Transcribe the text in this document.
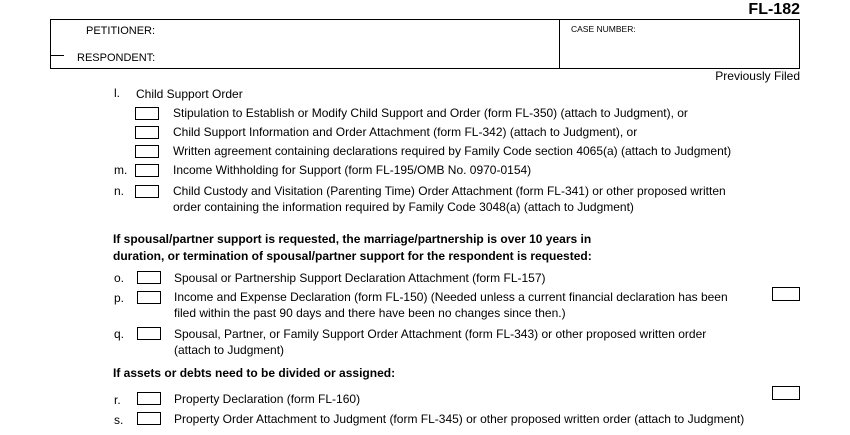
FL-182
PETITIONER:
RESPONDENT:
CASE NUMBER:
Previously Filed
l. Child Support Order
Stipulation to Establish or Modify Child Support and Order (form FL-350) (attach to Judgment), or
Child Support Information and Order Attachment (form FL-342) (attach to Judgment), or
Written agreement containing declarations required by Family Code section 4065(a) (attach to Judgment)
m.	Income Withholding for Support (form FL-195/OMB No. 0970-0154)
n.	Child Custody and Visitation (Parenting Time) Order Attachment (form FL-341) or other proposed written
order containing the information required by Family Code 3048(a) (attach to Judgment)
If spousal/partner support is requested, the marriage/partnership is over 10 years in
duration, or termination of spousal/partner support for the respondent is requested:
o.	Spousal or Partnership Support Declaration Attachment (form FL-157)
p.	Income and Expense Declaration (form FL-150) (Needed unless a current financial declaration has been
filed within the past 90 days and there have been no changes since then.)
q.	Spousal, Partner, or Family Support Order Attachment (form FL-343) or other proposed written order
(attach to Judgment)
If assets or debts need to be divided or assigned:
r.	Property Declaration (form FL-160)
s.	Property Order Attachment to Judgment (form FL-345) or other proposed written order (attach to Judgment)
